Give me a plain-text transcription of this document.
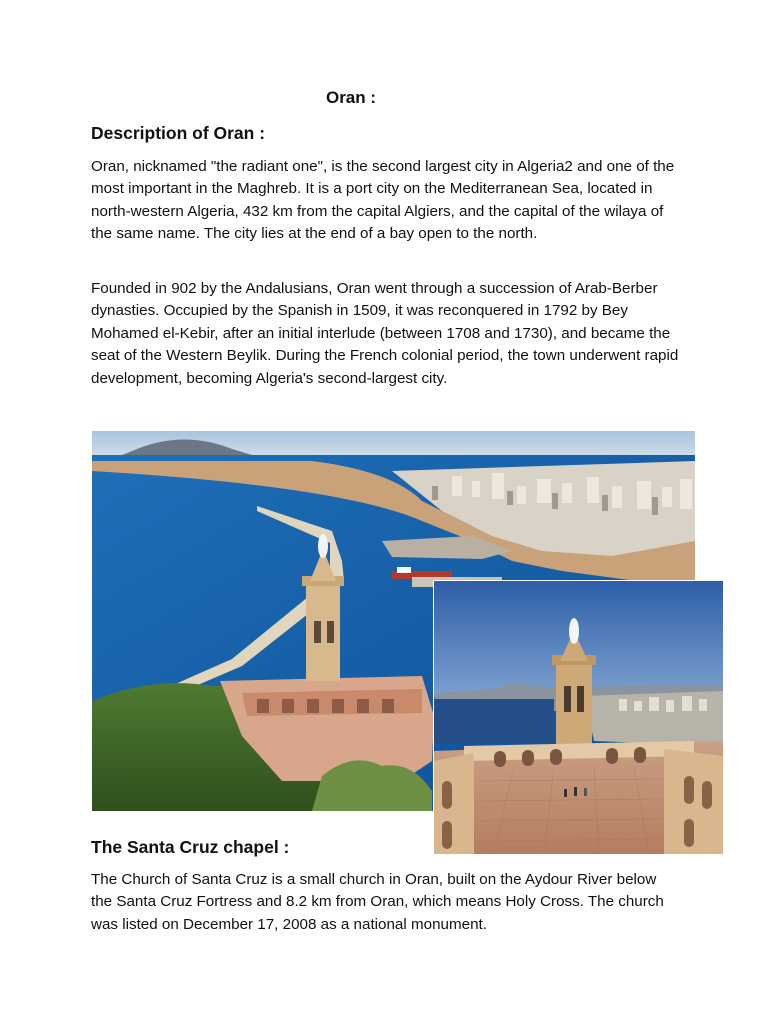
Oran :
Description of Oran :

Oran, nicknamed "the radiant one", is the second largest city in Algeria2 and one of the most important in the Maghreb. It is a port city on the Mediterranean Sea, located in north-western Algeria, 432 km from the capital Algiers, and the capital of the wilaya of the same name. The city lies at the end of a bay open to the north.

Founded in 902 by the Andalusians, Oran went through a succession of Arab-Berber dynasties. Occupied by the Spanish in 1509, it was reconquered in 1792 by Bey Mohamed el-Kebir, after an initial interlude (between 1708 and 1730), and became the seat of the Western Beylik. During the French colonial period, the town underwent rapid development, becoming Algeria's second-largest city.

The Santa Cruz chapel :

The Church of Santa Cruz is a small church in Oran, built on the Aydour River below the Santa Cruz Fortress and 8.2 km from Oran, which means Holy Cross. The church was listed on December 17, 2008 as a national monument.
